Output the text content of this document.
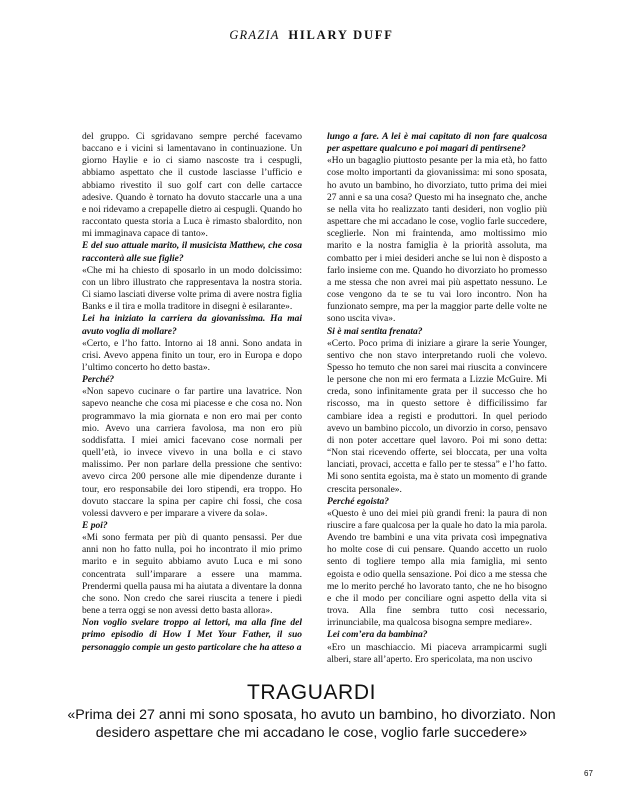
GRAZIA HILARY DUFF

del gruppo. Ci sgridavano sempre perché facevamo baccano e i vicini si lamentavano in continuazione. Un giorno Haylie e io ci siamo nascoste tra i cespugli, abbiamo aspettato che il custode lasciasse l’ufficio e abbiamo rivestito il suo golf cart con delle cartacce adesive. Quando è tornato ha dovuto staccarle una a una e noi ridevamo a crepapelle dietro ai cespugli. Quando ho raccontato questa storia a Luca è rimasto sbalordito, non mi immaginava capace di tanto».

E del suo attuale marito, il musicista Matthew, che cosa racconterà alle sue figlie?

«Che mi ha chiesto di sposarlo in un modo dolcissimo: con un libro illustrato che rappresentava la nostra storia. Ci siamo lasciati diverse volte prima di avere nostra figlia Banks e il tira e molla traditore in disegni è esilarante».

Lei ha iniziato la carriera da giovanissima. Ha mai avuto voglia di mollare?

«Certo, e l’ho fatto. Intorno ai 18 anni. Sono andata in crisi. Avevo appena finito un tour, ero in Europa e dopo l’ultimo concerto ho detto basta».

Perché?

«Non sapevo cucinare o far partire una lavatrice. Non sapevo neanche che cosa mi piacesse e che cosa no. Non programmavo la mia giornata e non ero mai per conto mio. Avevo una carriera favolosa, ma non ero più soddisfatta. I miei amici facevano cose normali per quell’età, io invece vivevo in una bolla e ci stavo malissimo. Per non parlare della pressione che sentivo: avevo circa 200 persone alle mie dipendenze durante i tour, ero responsabile dei loro stipendi, era troppo. Ho dovuto staccare la spina per capire chi fossi, che cosa volessi davvero e per imparare a vivere da sola».

E poi?

«Mi sono fermata per più di quanto pensassi. Per due anni non ho fatto nulla, poi ho incontrato il mio primo marito e in seguito abbiamo avuto Luca e mi sono concentrata sull’imparare a essere una mamma. Prendermi quella pausa mi ha aiutata a diventare la donna che sono. Non credo che sarei riuscita a tenere i piedi bene a terra oggi se non avessi detto basta allora».

Non voglio svelare troppo ai lettori, ma alla fine del primo episodio di How I Met Your Father, il suo personaggio compie un gesto particolare che ha atteso a

lungo a fare. A lei è mai capitato di non fare qualcosa per aspettare qualcuno e poi magari di pentirsene?

«Ho un bagaglio piuttosto pesante per la mia età, ho fatto cose molto importanti da giovanissima: mi sono sposata, ho avuto un bambino, ho divorziato, tutto prima dei miei 27 anni e sa una cosa? Questo mi ha insegnato che, anche se nella vita ho realizzato tanti desideri, non voglio più aspettare che mi accadano le cose, voglio farle succedere, sceglierle. Non mi fraintenda, amo moltissimo mio marito e la nostra famiglia è la priorità assoluta, ma combatto per i miei desideri anche se lui non è disposto a farlo insieme con me. Quando ho divorziato ho promesso a me stessa che non avrei mai più aspettato nessuno. Le cose vengono da te se tu vai loro incontro. Non ha funzionato sempre, ma per la maggior parte delle volte ne sono uscita viva».

Si è mai sentita frenata?

«Certo. Poco prima di iniziare a girare la serie Younger, sentivo che non stavo interpretando ruoli che volevo. Spesso ho temuto che non sarei mai riuscita a convincere le persone che non mi ero fermata a Lizzie McGuire. Mi creda, sono infinitamente grata per il successo che ho riscosso, ma in questo settore è difficilissimo far cambiare idea a registi e produttori. In quel periodo avevo un bambino piccolo, un divorzio in corso, pensavo di non poter accettare quel lavoro. Poi mi sono detta: “Non stai ricevendo offerte, sei bloccata, per una volta lanciati, provaci, accetta e fallo per te stessa” e l’ho fatto. Mi sono sentita egoista, ma è stato un momento di grande crescita personale».

Perché egoista?

«Questo è uno dei miei più grandi freni: la paura di non riuscire a fare qualcosa per la quale ho dato la mia parola. Avendo tre bambini e una vita privata così impegnativa ho molte cose di cui pensare. Quando accetto un ruolo sento di togliere tempo alla mia famiglia, mi sento egoista e odio quella sensazione. Poi dico a me stessa che me lo merito perché ho lavorato tanto, che ne ho bisogno e che il modo per conciliare ogni aspetto della vita si trova. Alla fine sembra tutto così necessario, irrinunciabile, ma qualcosa bisogna sempre mediare».

Lei com’era da bambina?

«Ero un maschiaccio. Mi piaceva arrampicarmi sugli alberi, stare all’aperto. Ero spericolata, ma non uscivo

TRAGUARDI
«Prima dei 27 anni mi sono sposata, ho avuto un bambino, ho divorziato. Non desidero aspettare che mi accadano le cose, voglio farle succedere»
67
